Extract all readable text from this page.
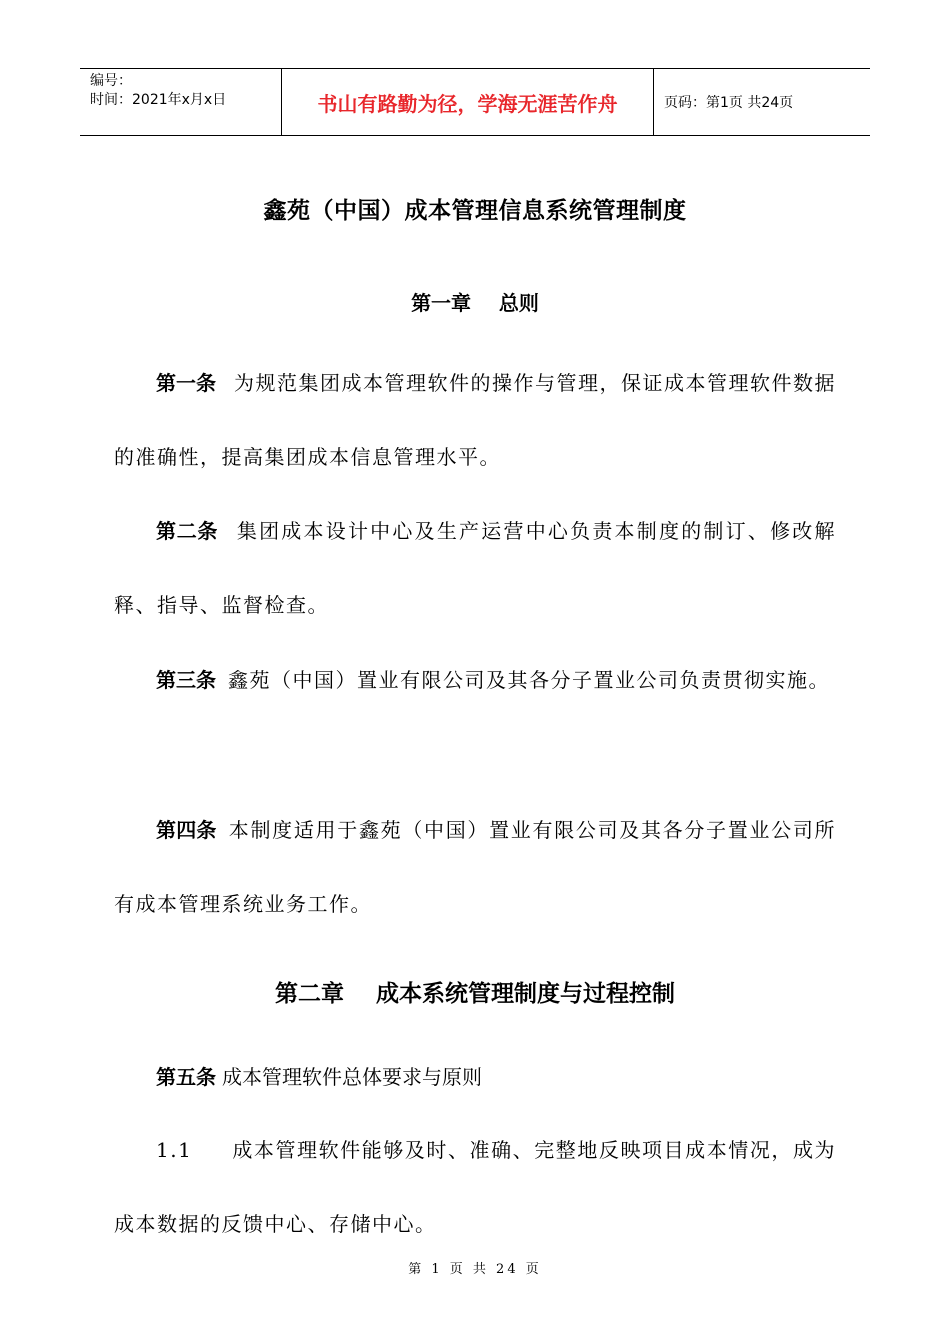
编号：
时间：2021年x月x日	书山有路勤为径，学海无涯苦作舟	页码：第1页 共24页
鑫苑（中国）成本管理信息系统管理制度
第一章    总则
第一条 为规范集团成本管理软件的操作与管理，保证成本管理软件数据的准确性，提高集团成本信息管理水平。
第二条 集团成本设计中心及生产运营中心负责本制度的制订、修改解释、指导、监督检查。
第三条 鑫苑（中国）置业有限公司及其各分子置业公司负责贯彻实施。
第四条 本制度适用于鑫苑（中国）置业有限公司及其各分子置业公司所有成本管理系统业务工作。
第二章    成本系统管理制度与过程控制
第五条 成本管理软件总体要求与原则
1.1 成本管理软件能够及时、准确、完整地反映项目成本情况，成为成本数据的反馈中心、存储中心。
第 1 页 共 24 页
